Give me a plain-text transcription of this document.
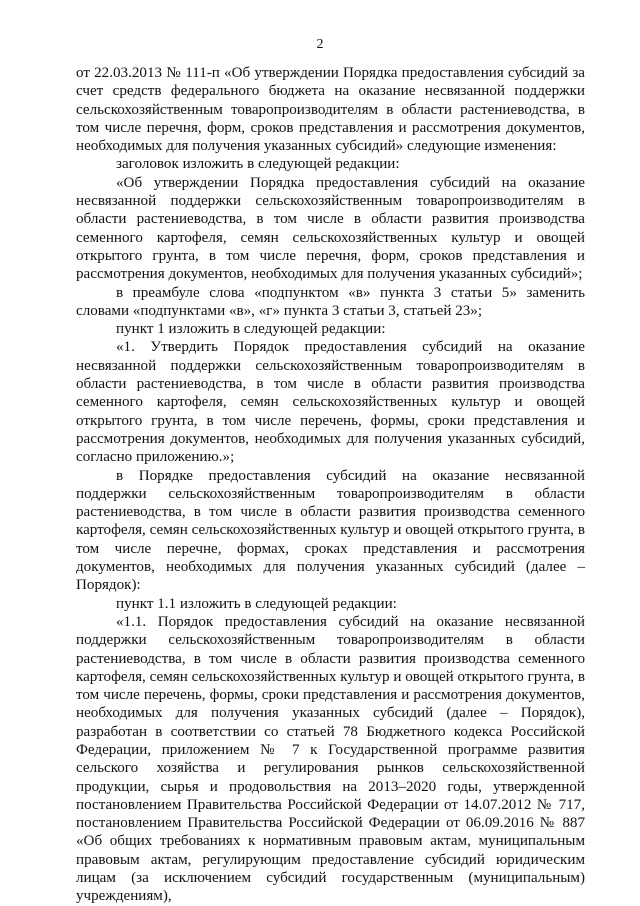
2

от 22.03.2013 № 111-п «Об утверждении Порядка предоставления субсидий за счет средств федерального бюджета на оказание несвязанной поддержки сельскохозяйственным товаропроизводителям в области растениеводства, в том числе перечня, форм, сроков представления и рассмотрения документов, необходимых для получения указанных субсидий» следующие изменения:

заголовок изложить в следующей редакции:

«Об утверждении Порядка предоставления субсидий на оказание несвязанной поддержки сельскохозяйственным товаропроизводителям в области растениеводства, в том числе в области развития производства семенного картофеля, семян сельскохозяйственных культур и овощей открытого грунта, в том числе перечня, форм, сроков представления и рассмотрения документов, необходимых для получения указанных субсидий»;

в преамбуле слова «подпунктом «в» пункта 3 статьи 5» заменить словами «подпунктами «в», «г» пункта 3 статьи 3, статьей 23»;

пункт 1 изложить в следующей редакции:

«1. Утвердить Порядок предоставления субсидий на оказание несвязанной поддержки сельскохозяйственным товаропроизводителям в области растениеводства, в том числе в области развития производства семенного картофеля, семян сельскохозяйственных культур и овощей открытого грунта, в том числе перечень, формы, сроки представления и рассмотрения документов, необходимых для получения указанных субсидий, согласно приложению.»;

в Порядке предоставления субсидий на оказание несвязанной поддержки сельскохозяйственным товаропроизводителям в области растениеводства, в том числе в области развития производства семенного картофеля, семян сельскохозяйственных культур и овощей открытого грунта, в том числе перечне, формах, сроках представления и рассмотрения документов, необходимых для получения указанных субсидий (далее – Порядок):

пункт 1.1 изложить в следующей редакции:

«1.1. Порядок предоставления субсидий на оказание несвязанной поддержки сельскохозяйственным товаропроизводителям в области растениеводства, в том числе в области развития производства семенного картофеля, семян сельскохозяйственных культур и овощей открытого грунта, в том числе перечень, формы, сроки представления и рассмотрения документов, необходимых для получения указанных субсидий (далее – Порядок), разработан в соответствии со статьей 78 Бюджетного кодекса Российской Федерации, приложением № 7 к Государственной программе развития сельского хозяйства и регулирования рынков сельскохозяйственной продукции, сырья и продовольствия на 2013–2020 годы, утвержденной постановлением Правительства Российской Федерации от 14.07.2012 № 717, постановлением Правительства Российской Федерации от 06.09.2016 № 887 «Об общих требованиях к нормативным правовым актам, муниципальным правовым актам, регулирующим предоставление субсидий юридическим лицам (за исключением субсидий государственным (муниципальным) учреждениям),
